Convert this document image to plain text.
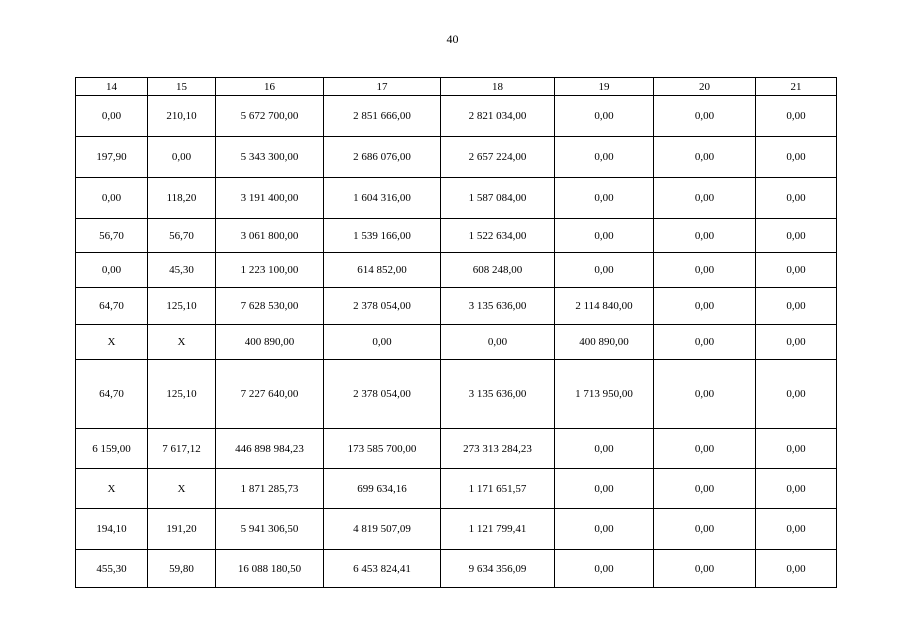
40
14	15	16	17	18	19	20	21
0,00	210,10	5 672 700,00	2 851 666,00	2 821 034,00	0,00	0,00	0,00
197,90	0,00	5 343 300,00	2 686 076,00	2 657 224,00	0,00	0,00	0,00
0,00	118,20	3 191 400,00	1 604 316,00	1 587 084,00	0,00	0,00	0,00
56,70	56,70	3 061 800,00	1 539 166,00	1 522 634,00	0,00	0,00	0,00
0,00	45,30	1 223 100,00	614 852,00	608 248,00	0,00	0,00	0,00
64,70	125,10	7 628 530,00	2 378 054,00	3 135 636,00	2 114 840,00	0,00	0,00
X	X	400 890,00	0,00	0,00	400 890,00	0,00	0,00
64,70	125,10	7 227 640,00	2 378 054,00	3 135 636,00	1 713 950,00	0,00	0,00
6 159,00	7 617,12	446 898 984,23	173 585 700,00	273 313 284,23	0,00	0,00	0,00
X	X	1 871 285,73	699 634,16	1 171 651,57	0,00	0,00	0,00
194,10	191,20	5 941 306,50	4 819 507,09	1 121 799,41	0,00	0,00	0,00
455,30	59,80	16 088 180,50	6 453 824,41	9 634 356,09	0,00	0,00	0,00
